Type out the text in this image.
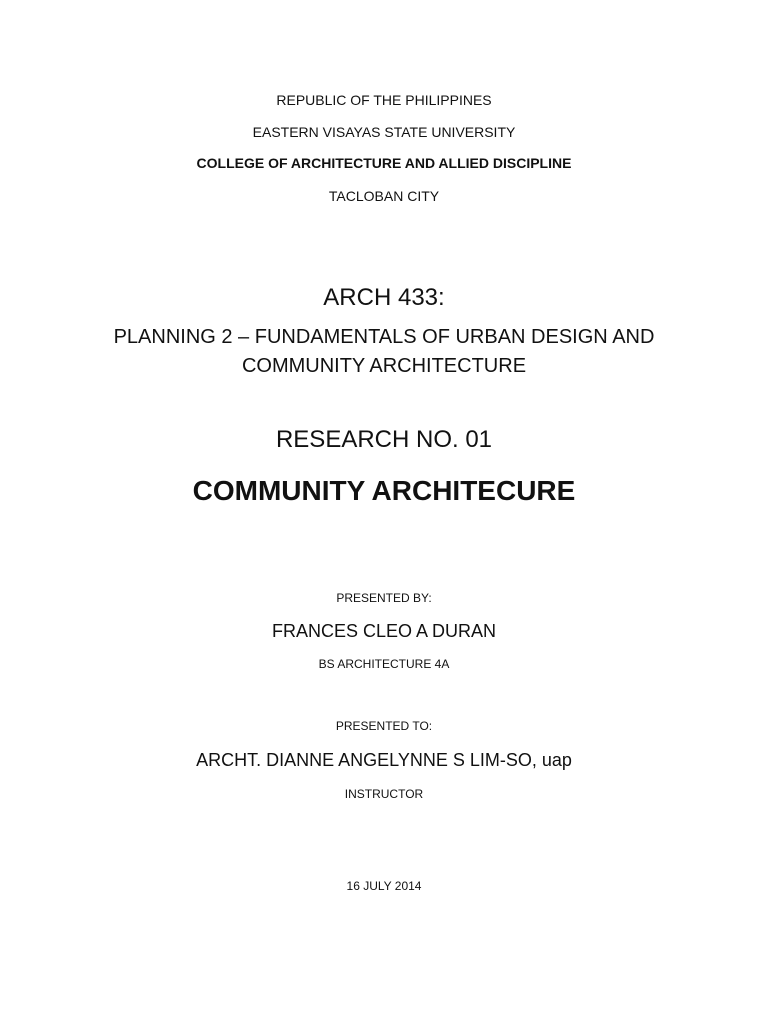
REPUBLIC OF THE PHILIPPINES
EASTERN VISAYAS STATE UNIVERSITY
COLLEGE OF ARCHITECTURE AND ALLIED DISCIPLINE
TACLOBAN CITY
ARCH 433:
PLANNING 2 – FUNDAMENTALS OF URBAN DESIGN AND
COMMUNITY ARCHITECTURE
RESEARCH NO. 01
COMMUNITY ARCHITECURE
PRESENTED BY:
FRANCES CLEO A DURAN
BS ARCHITECTURE 4A
PRESENTED TO:
ARCHT. DIANNE ANGELYNNE S LIM-SO, uap
INSTRUCTOR
16 JULY 2014
